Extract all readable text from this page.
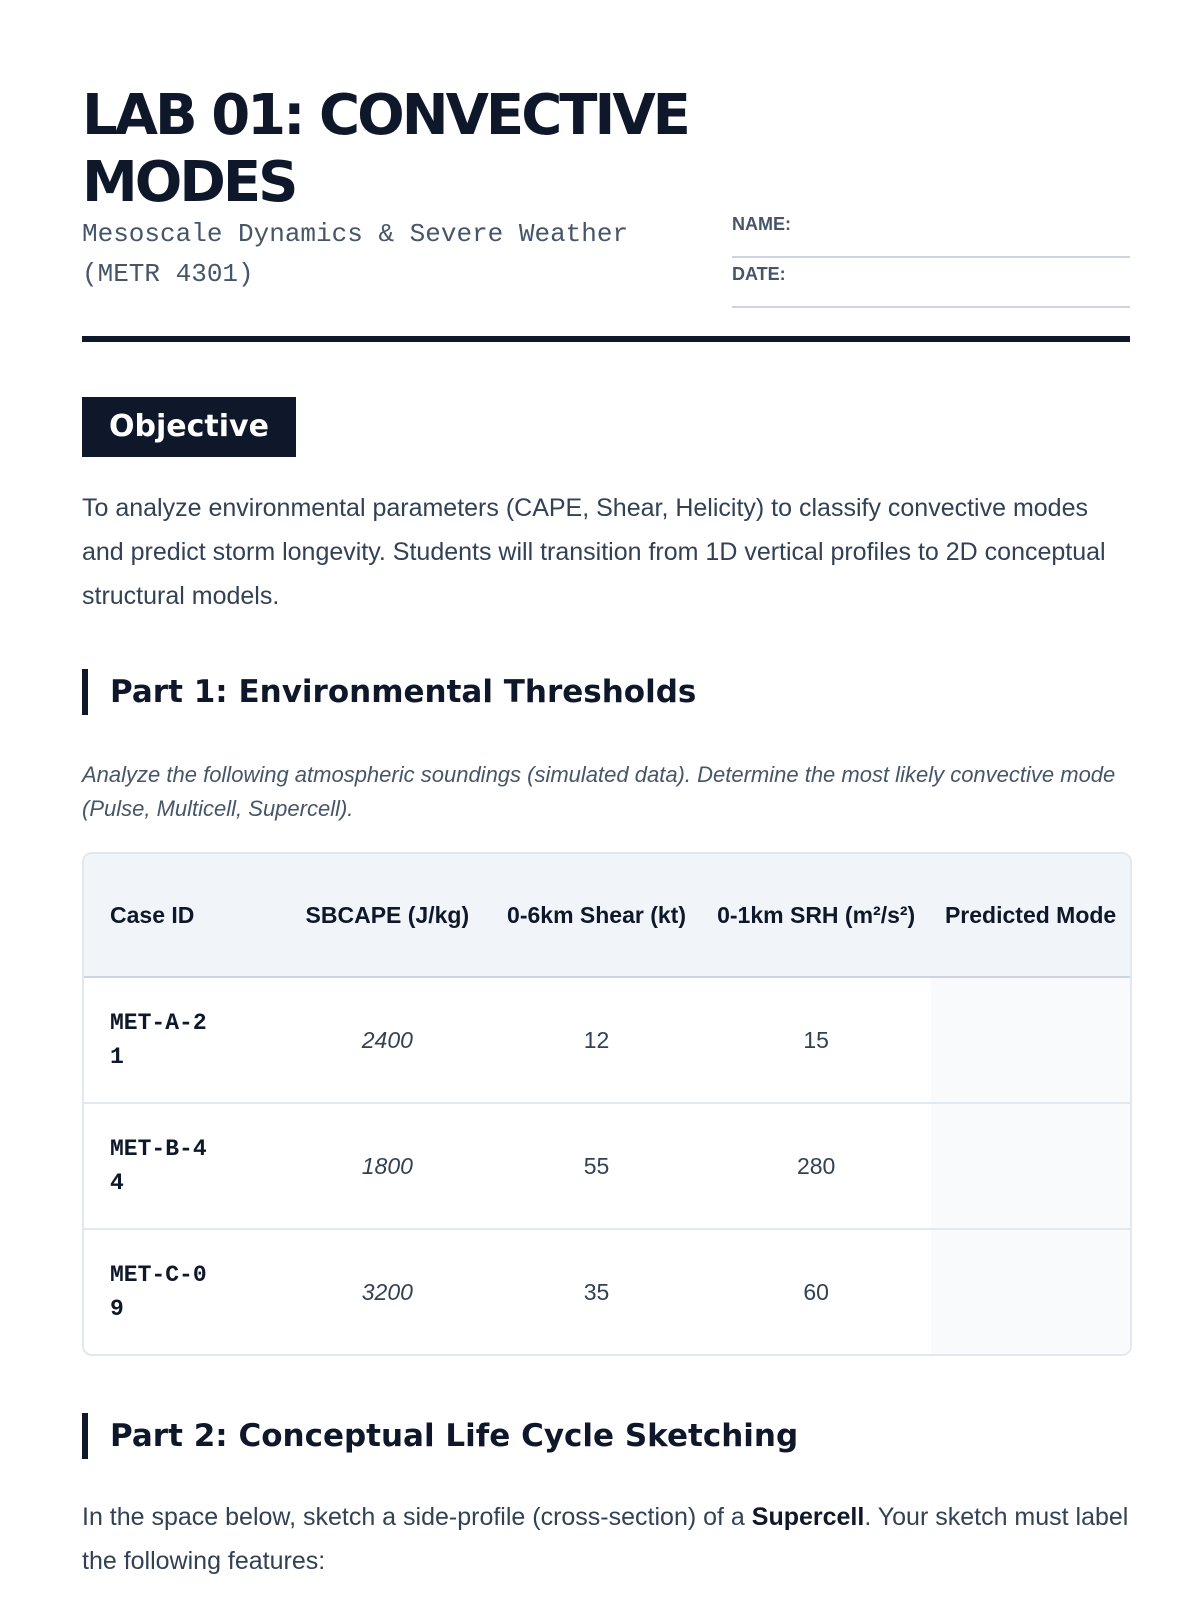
LAB 01: CONVECTIVE MODES
Mesoscale Dynamics & Severe Weather (METR 4301)
NAME:
DATE:
Objective
To analyze environmental parameters (CAPE, Shear, Helicity) to classify convective modes and predict storm longevity. Students will transition from 1D vertical profiles to 2D conceptual structural models.
Part 1: Environmental Thresholds
Analyze the following atmospheric soundings (simulated data). Determine the most likely convective mode (Pulse, Multicell, Supercell).
Case ID	SBCAPE (J/kg)	0-6km Shear (kt)	0-1km SRH (m²/s²)	Predicted Mode
MET-A-21	2400	12	15	
MET-B-44	1800	55	280	
MET-C-09	3200	35	60	
Part 2: Conceptual Life Cycle Sketching
In the space below, sketch a side-profile (cross-section) of a Supercell. Your sketch must label the following features:
